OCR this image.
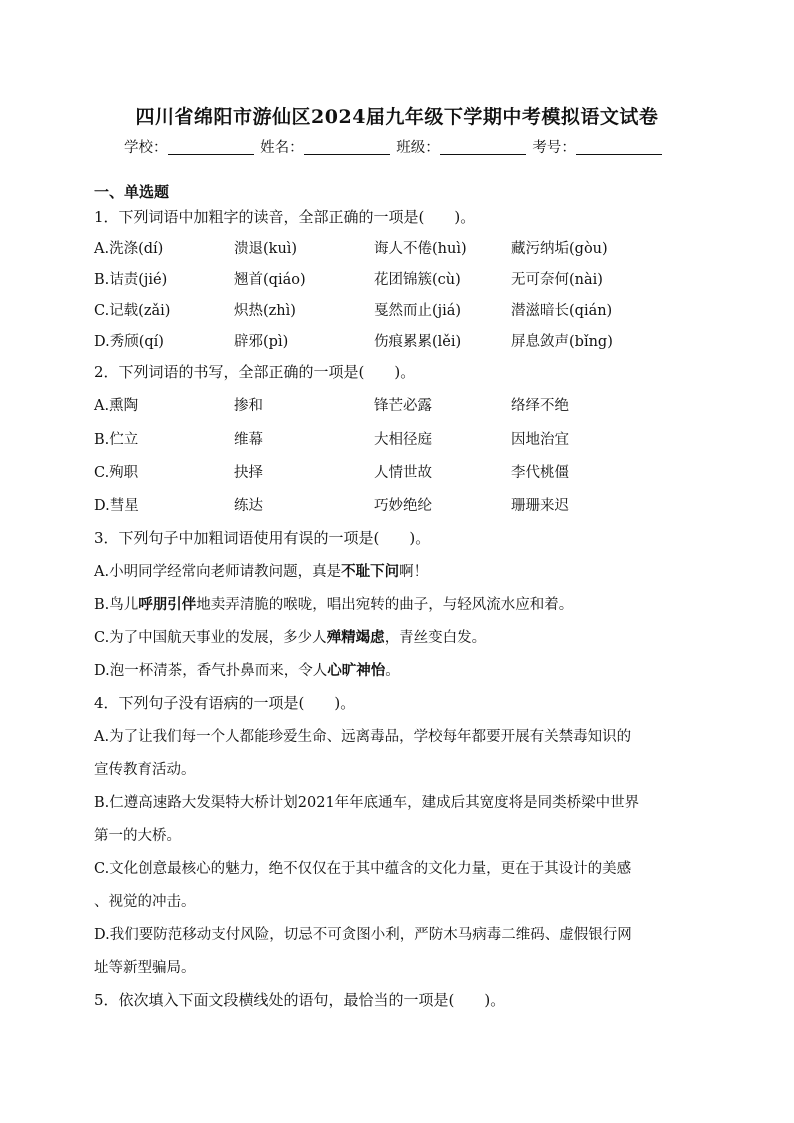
四川省绵阳市游仙区2024届九年级下学期中考模拟语文试卷
学校：	姓名：	班级：	考号：
一、单选题
1．下列词语中加粗字的读音，全部正确的一项是(　　)。
A.洗涤(dí)	溃退(kuì)	诲人不倦(huì)	藏污纳垢(gòu)
B.诘责(jié)	翘首(qiáo)	花团锦簇(cù)	无可奈何(nài)
C.记载(zǎi)	炽热(zhì)	戛然而止(jiá)	潜滋暗长(qián)
D.秀颀(qí)	辟邪(pì)	伤痕累累(lěi)	屏息敛声(bǐng)
2．下列词语的书写，全部正确的一项是(　　)。
A.熏陶	掺和	锋芒必露	络绎不绝
B.伫立	维幕	大相径庭	因地治宜
C.殉职	抉择	人情世故	李代桃僵
D.彗星	练达	巧妙绝纶	珊珊来迟
3．下列句子中加粗词语使用有误的一项是(　　)。
A.小明同学经常向老师请教问题，真是不耻下问啊！
B.鸟儿呼朋引伴地卖弄清脆的喉咙，唱出宛转的曲子，与轻风流水应和着。
C.为了中国航天事业的发展，多少人殚精竭虑，青丝变白发。
D.泡一杯清茶，香气扑鼻而来，令人心旷神怡。
4．下列句子没有语病的一项是(　　)。
A.为了让我们每一个人都能珍爱生命、远离毒品，学校每年都要开展有关禁毒知识的
宣传教育活动。
B.仁遵高速路大发渠特大桥计划2021年年底通车，建成后其宽度将是同类桥梁中世界
第一的大桥。
C.文化创意最核心的魅力，绝不仅仅在于其中蕴含的文化力量，更在于其设计的美感
、视觉的冲击。
D.我们要防范移动支付风险，切忌不可贪图小利，严防木马病毒二维码、虚假银行网
址等新型骗局。
5．依次填入下面文段横线处的语句，最恰当的一项是(　　)。
